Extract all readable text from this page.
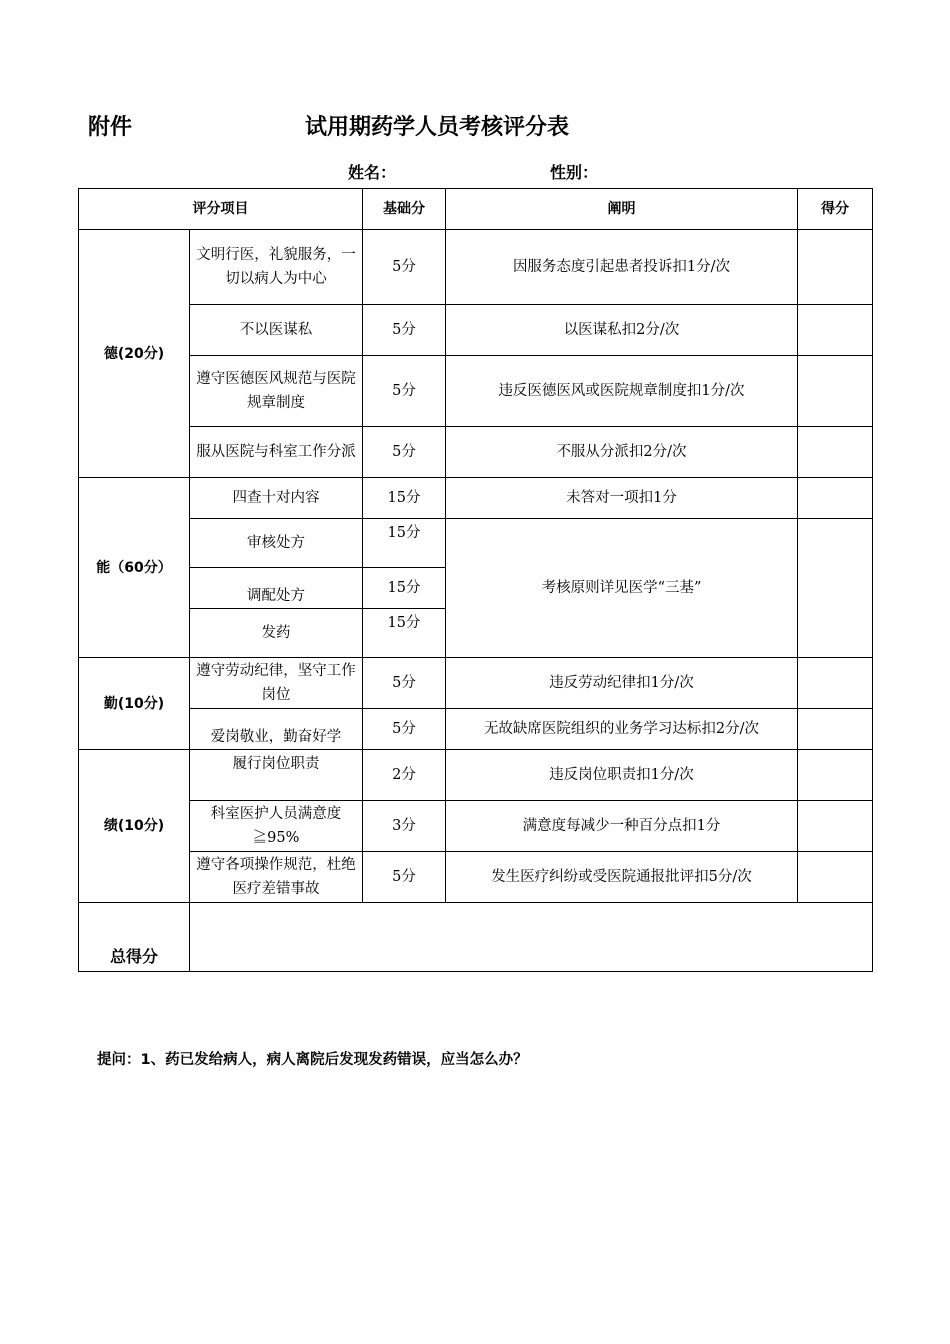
附件	试用期药学人员考核评分表
姓名：	性别：
评分项目		基础分	阐明	得分
德(20分)	文明行医，礼貌服务，一切以病人为中心	5分	因服务态度引起患者投诉扣1分/次	
	不以医谋私	5分	以医谋私扣2分/次	
	遵守医德医风规范与医院规章制度	5分	违反医德医风或医院规章制度扣1分/次	
	服从医院与科室工作分派	5分	不服从分派扣2分/次	
能（60分）	四查十对内容	15分	未答对一项扣1分	
	审核处方	15分	考核原则详见医学“三基”	
	调配处方	15分		
	发药	15分		
勤(10分)	遵守劳动纪律，坚守工作岗位	5分	违反劳动纪律扣1分/次	
	爱岗敬业，勤奋好学	5分	无故缺席医院组织的业务学习达标扣2分/次	
绩(10分)	履行岗位职责	2分	违反岗位职责扣1分/次	
	科室医护人员满意度≧95%	3分	满意度每减少一种百分点扣1分	
	遵守各项操作规范，杜绝医疗差错事故	5分	发生医疗纠纷或受医院通报批评扣5分/次	
总得分				
提问：1、药已发给病人，病人离院后发现发药错误，应当怎么办？
